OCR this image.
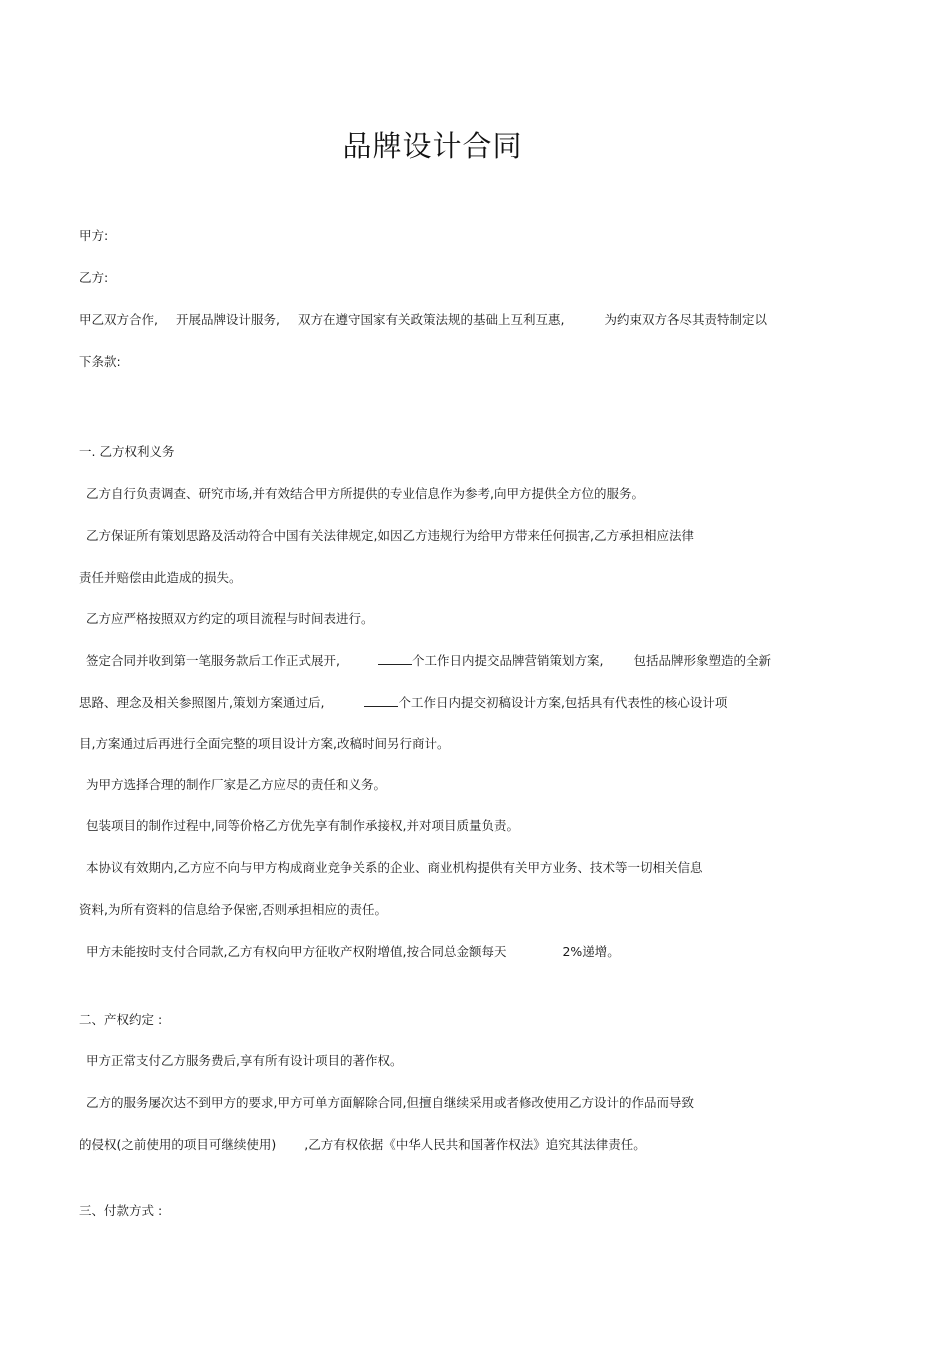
品牌设计合同
甲方:
乙方:
甲乙双方合作, 开展品牌设计服务, 双方在遵守国家有关政策法规的基础上互利互惠,	为约束双方各尽其责特制定以
下条款:
一. 乙方权利义务
乙方自行负责调查、研究市场,并有效结合甲方所提供的专业信息作为参考,向甲方提供全方位的服务。
乙方保证所有策划思路及活动符合中国有关法律规定,如因乙方违规行为给甲方带来任何损害,乙方承担相应法律
责任并赔偿由此造成的损失。
乙方应严格按照双方约定的项目流程与时间表进行。
签定合同并收到第一笔服务款后工作正式展开,	个工作日内提交品牌营销策划方案, 包括品牌形象塑造的全新
思路、理念及相关参照图片,策划方案通过后,	个工作日内提交初稿设计方案,包括具有代表性的核心设计项
目,方案通过后再进行全面完整的项目设计方案,改稿时间另行商计。
为甲方选择合理的制作厂家是乙方应尽的责任和义务。
包装项目的制作过程中,同等价格乙方优先享有制作承接权,并对项目质量负责。
本协议有效期内,乙方应不向与甲方构成商业竞争关系的企业、商业机构提供有关甲方业务、技术等一切相关信息
资料,为所有资料的信息给予保密,否则承担相应的责任。
甲方未能按时支付合同款,乙方有权向甲方征收产权附增值,按合同总金额每天	2%递增。
二、产权约定 :
甲方正常支付乙方服务费后,享有所有设计项目的著作权。
乙方的服务屡次达不到甲方的要求,甲方可单方面解除合同,但擅自继续采用或者修改使用乙方设计的作品而导致
的侵权(之前使用的项目可继续使用) ,乙方有权依据《中华人民共和国著作权法》追究其法律责任。
三、付款方式 :
